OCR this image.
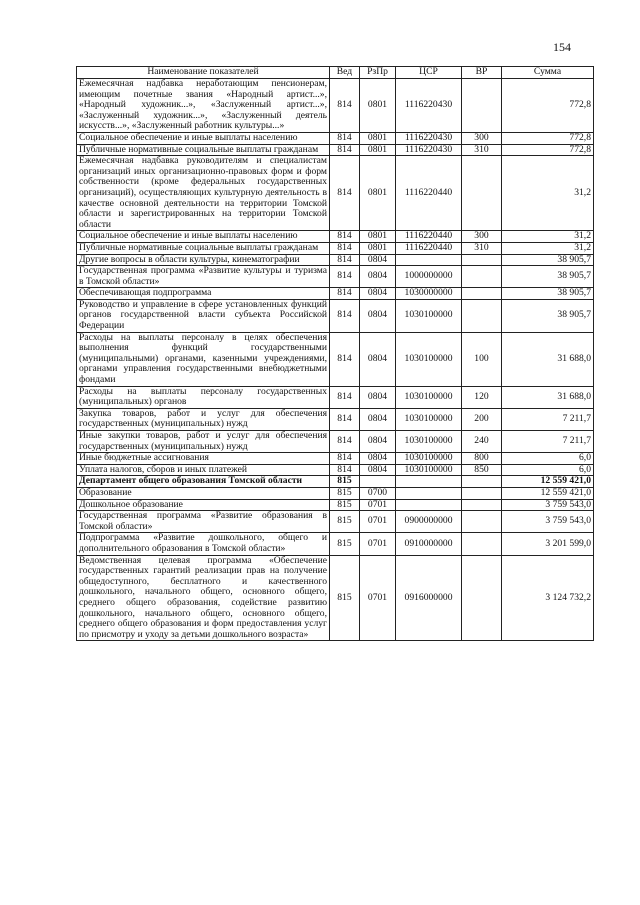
154
Наименование показателей	Вед	РзПр	ЦСР	ВР	Сумма
Ежемесячная надбавка неработающим пенсионерам, имеющим почетные звания «Народный артист...», «Народный художник...», «Заслуженный артист...», «Заслуженный художник...», «Заслуженный деятель искусств...», «Заслуженный работник культуры...»	814	0801	1116220430		772,8
Социальное обеспечение и иные выплаты населению	814	0801	1116220430	300	772,8
Публичные нормативные социальные выплаты гражданам	814	0801	1116220430	310	772,8
Ежемесячная надбавка руководителям и специалистам организаций иных организационно-правовых форм и форм собственности (кроме федеральных государственных организаций), осуществляющих культурную деятельность в качестве основной деятельности на территории Томской области и зарегистрированных на территории Томской области	814	0801	1116220440		31,2
Социальное обеспечение и иные выплаты населению	814	0801	1116220440	300	31,2
Публичные нормативные социальные выплаты гражданам	814	0801	1116220440	310	31,2
Другие вопросы в области культуры, кинематографии	814	0804			38 905,7
Государственная программа «Развитие культуры и туризма в Томской области»	814	0804	1000000000		38 905,7
Обеспечивающая подпрограмма	814	0804	1030000000		38 905,7
Руководство и управление в сфере установленных функций органов государственной власти субъекта Российской Федерации	814	0804	1030100000		38 905,7
Расходы на выплаты персоналу в целях обеспечения выполнения функций государственными (муниципальными) органами, казенными учреждениями, органами управления государственными внебюджетными фондами	814	0804	1030100000	100	31 688,0
Расходы на выплаты персоналу государственных (муниципальных) органов	814	0804	1030100000	120	31 688,0
Закупка товаров, работ и услуг для обеспечения государственных (муниципальных) нужд	814	0804	1030100000	200	7 211,7
Иные закупки товаров, работ и услуг для обеспечения государственных (муниципальных) нужд	814	0804	1030100000	240	7 211,7
Иные бюджетные ассигнования	814	0804	1030100000	800	6,0
Уплата налогов, сборов и иных платежей	814	0804	1030100000	850	6,0
Департамент общего образования Томской области	815				12 559 421,0
Образование	815	0700			12 559 421,0
Дошкольное образование	815	0701			3 759 543,0
Государственная программа «Развитие образования в Томской области»	815	0701	0900000000		3 759 543,0
Подпрограмма «Развитие дошкольного, общего и дополнительного образования в Томской области»	815	0701	0910000000		3 201 599,0
Ведомственная целевая программа «Обеспечение государственных гарантий реализации прав на получение общедоступного, бесплатного и качественного дошкольного, начального общего, основного общего, среднего общего образования, содействие развитию дошкольного, начального общего, основного общего, среднего общего образования и форм предоставления услуг по присмотру и уходу за детьми дошкольного возраста»	815	0701	0916000000		3 124 732,2
